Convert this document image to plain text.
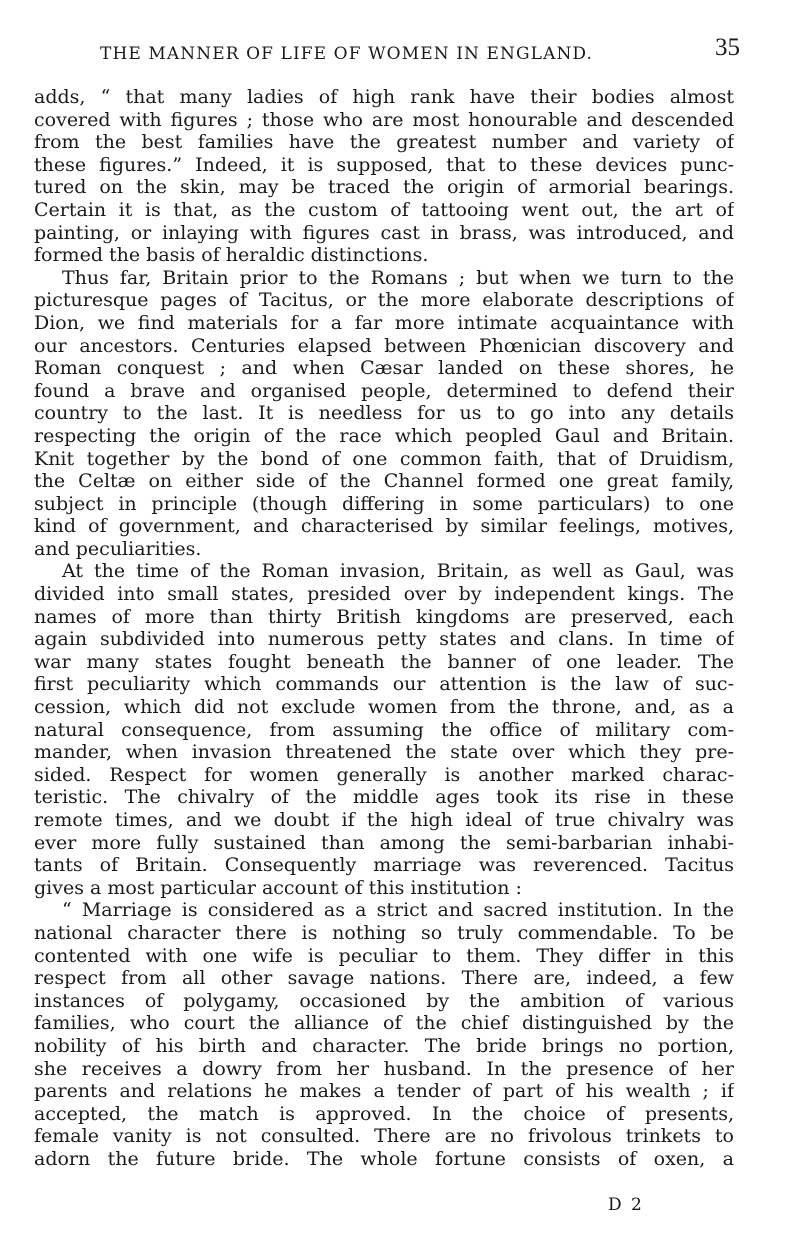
THE MANNER OF LIFE OF WOMEN IN ENGLAND.	35
adds, “ that many ladies of high rank have their bodies almost
covered with figures ; those who are most honourable and descended
from the best families have the greatest number and variety of
these figures.” Indeed, it is supposed, that to these devices punc-
tured on the skin, may be traced the origin of armorial bearings.
Certain it is that, as the custom of tattooing went out, the art of
painting, or inlaying with figures cast in brass, was introduced, and
formed the basis of heraldic distinctions.
Thus far, Britain prior to the Romans ; but when we turn to the
picturesque pages of Tacitus, or the more elaborate descriptions of
Dion, we find materials for a far more intimate acquaintance with
our ancestors. Centuries elapsed between Phœnician discovery and
Roman conquest ; and when Cæsar landed on these shores, he
found a brave and organised people, determined to defend their
country to the last. It is needless for us to go into any details
respecting the origin of the race which peopled Gaul and Britain.
Knit together by the bond of one common faith, that of Druidism,
the Celtæ on either side of the Channel formed one great family,
subject in principle (though differing in some particulars) to one
kind of government, and characterised by similar feelings, motives,
and peculiarities.
At the time of the Roman invasion, Britain, as well as Gaul, was
divided into small states, presided over by independent kings. The
names of more than thirty British kingdoms are preserved, each
again subdivided into numerous petty states and clans. In time of
war many states fought beneath the banner of one leader. The
first peculiarity which commands our attention is the law of suc-
cession, which did not exclude women from the throne, and, as a
natural consequence, from assuming the office of military com-
mander, when invasion threatened the state over which they pre-
sided. Respect for women generally is another marked charac-
teristic. The chivalry of the middle ages took its rise in these
remote times, and we doubt if the high ideal of true chivalry was
ever more fully sustained than among the semi-barbarian inhabi-
tants of Britain. Consequently marriage was reverenced. Tacitus
gives a most particular account of this institution :
“ Marriage is considered as a strict and sacred institution. In the
national character there is nothing so truly commendable. To be
contented with one wife is peculiar to them. They differ in this
respect from all other savage nations. There are, indeed, a few
instances of polygamy, occasioned by the ambition of various
families, who court the alliance of the chief distinguished by the
nobility of his birth and character. The bride brings no portion,
she receives a dowry from her husband. In the presence of her
parents and relations he makes a tender of part of his wealth ; if
accepted, the match is approved. In the choice of presents,
female vanity is not consulted. There are no frivolous trinkets to
adorn the future bride. The whole fortune consists of oxen, a
D 2
